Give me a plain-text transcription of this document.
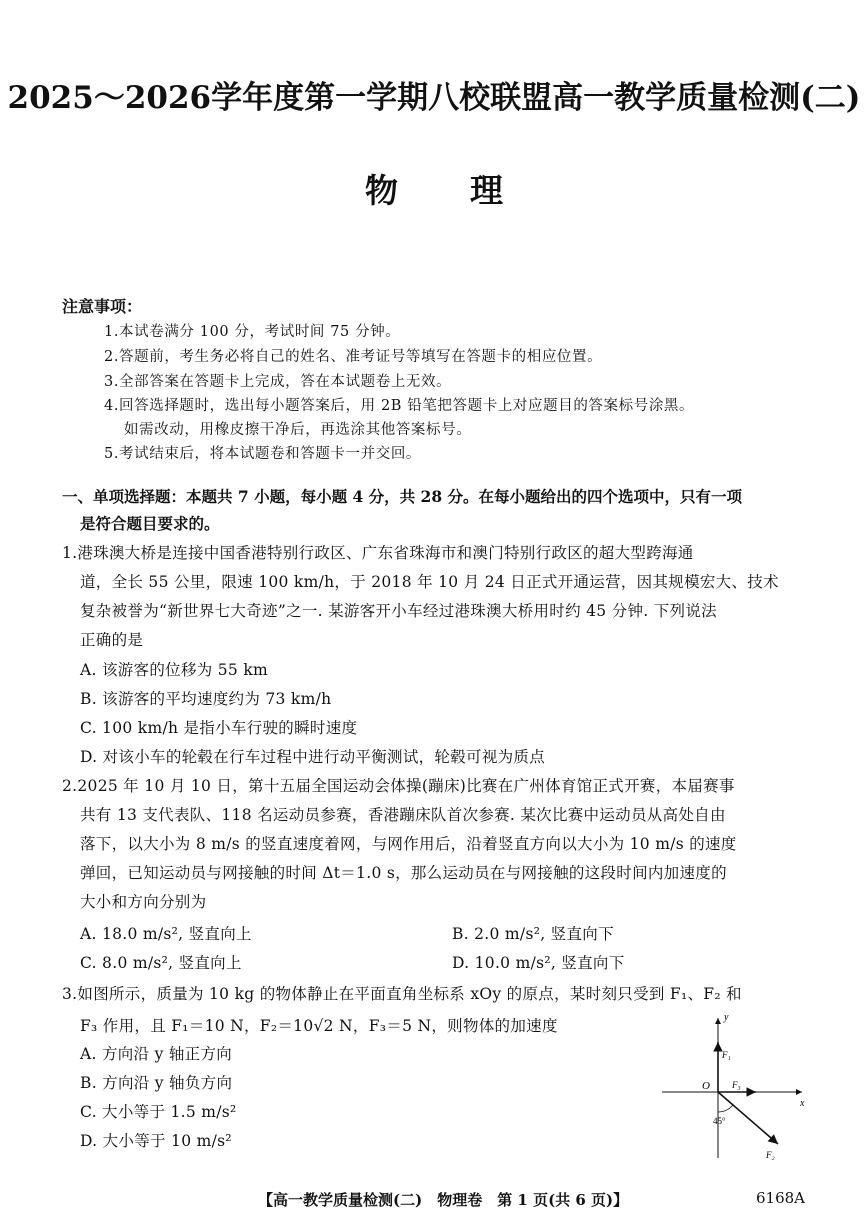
2025～2026学年度第一学期八校联盟高一教学质量检测(二)
物理
注意事项：
1.本试卷满分 100 分，考试时间 75 分钟。
2.答题前，考生务必将自己的姓名、准考证号等填写在答题卡的相应位置。
3.全部答案在答题卡上完成，答在本试题卷上无效。
4.回答选择题时，选出每小题答案后，用 2B 铅笔把答题卡上对应题目的答案标号涂黑。
如需改动，用橡皮擦干净后，再选涂其他答案标号。
5.考试结束后，将本试题卷和答题卡一并交回。
一、单项选择题：本题共 7 小题，每小题 4 分，共 28 分。在每小题给出的四个选项中，只有一项
是符合题目要求的。
1.港珠澳大桥是连接中国香港特别行政区、广东省珠海市和澳门特别行政区的超大型跨海通
道，全长 55 公里，限速 100 km/h，于 2018 年 10 月 24 日正式开通运营，因其规模宏大、技术
复杂被誉为“新世界七大奇迹”之一. 某游客开小车经过港珠澳大桥用时约 45 分钟. 下列说法
正确的是
A. 该游客的位移为 55 km
B. 该游客的平均速度约为 73 km/h
C. 100 km/h 是指小车行驶的瞬时速度
D. 对该小车的轮毂在行车过程中进行动平衡测试，轮毂可视为质点
2.2025 年 10 月 10 日，第十五届全国运动会体操(蹦床)比赛在广州体育馆正式开赛，本届赛事
共有 13 支代表队、118 名运动员参赛，香港蹦床队首次参赛. 某次比赛中运动员从高处自由
落下，以大小为 8 m/s 的竖直速度着网，与网作用后，沿着竖直方向以大小为 10 m/s 的速度
弹回，已知运动员与网接触的时间 Δt＝1.0 s，那么运动员在与网接触的这段时间内加速度的
大小和方向分别为
A. 18.0 m/s², 竖直向上	B. 2.0 m/s², 竖直向下
C. 8.0 m/s², 竖直向上	D. 10.0 m/s², 竖直向下
3.如图所示，质量为 10 kg 的物体静止在平面直角坐标系 xOy 的原点，某时刻只受到 F₁、F₂ 和
F₃ 作用，且 F₁＝10 N，F₂＝10√2 N，F₃＝5 N，则物体的加速度
A. 方向沿 y 轴正方向
B. 方向沿 y 轴负方向
C. 大小等于 1.5 m/s²
D. 大小等于 10 m/s²
y
x
O
F₁
F₃
F₂
45°
【高一教学质量检测(二)　物理卷　第 1 页(共 6 页)】	6168A
